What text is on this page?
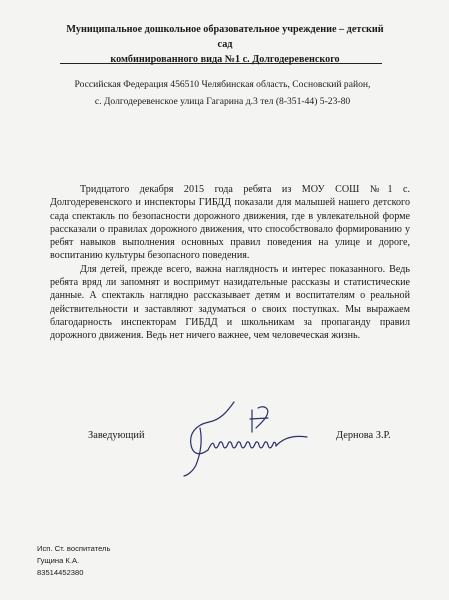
Муниципальное дошкольное образовательное учреждение – детский сад
комбинированного вида №1 с. Долгодеревенского
Российская Федерация 456510 Челябинская область, Сосновский район,
с. Долгодеревенское улица Гагарина д.3 тел (8-351-44) 5-23-80

Тридцатого декабря 2015 года ребята из МОУ СОШ №1 с. Долгодеревенского и инспекторы ГИБДД показали для малышей нашего детского сада спектакль по безопасности дорожного движения, где в увлекательной форме рассказали о правилах дорожного движения, что способствовало формированию у ребят навыков выполнения основных правил поведения на улице и дороге, воспитанию культуры безопасного поведения.

Для детей, прежде всего, важна наглядность и интерес показанного. Ведь ребята вряд ли запомнят и воспримут назидательные рассказы и статистические данные. А спектакль наглядно рассказывает детям и воспитателям о реальной действительности и заставляют задуматься о своих поступках. Мы выражаем благодарность инспекторам ГИБДД и школьникам за пропаганду правил дорожного движения. Ведь нет ничего важнее, чем человеческая жизнь.

Заведующий	Дернова З.Р.
Исп. Ст. воспитатель
Гущина К.А.
83514452380
